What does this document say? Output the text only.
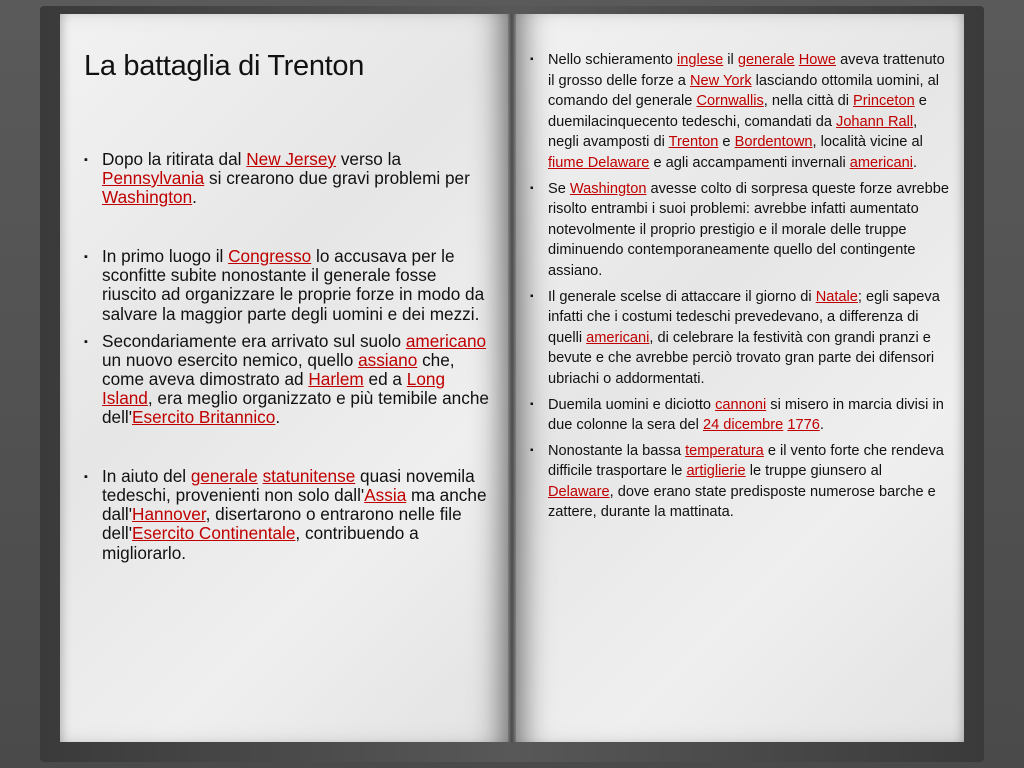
La battaglia di Trenton
▪ Dopo la ritirata dal New Jersey verso la Pennsylvania si crearono due gravi problemi per Washington.
▪ In primo luogo il Congresso lo accusava per le sconfitte subite nonostante il generale fosse riuscito ad organizzare le proprie forze in modo da salvare la maggior parte degli uomini e dei mezzi.
▪ Secondariamente era arrivato sul suolo americano un nuovo esercito nemico, quello assiano che, come aveva dimostrato ad Harlem ed a Long Island, era meglio organizzato e più temibile anche dell'Esercito Britannico.
▪ In aiuto del generale statunitense quasi novemila tedeschi, provenienti non solo dall'Assia ma anche dall'Hannover, disertarono o entrarono nelle file dell'Esercito Continentale, contribuendo a migliorarlo.
▪ Nello schieramento inglese il generale Howe aveva trattenuto il grosso delle forze a New York lasciando ottomila uomini, al comando del generale Cornwallis, nella città di Princeton e duemilacinquecento tedeschi, comandati da Johann Rall, negli avamposti di Trenton e Bordentown, località vicine al fiume Delaware e agli accampamenti invernali americani.
▪ Se Washington avesse colto di sorpresa queste forze avrebbe risolto entrambi i suoi problemi: avrebbe infatti aumentato notevolmente il proprio prestigio e il morale delle truppe diminuendo contemporaneamente quello del contingente assiano.
▪ Il generale scelse di attaccare il giorno di Natale; egli sapeva infatti che i costumi tedeschi prevedevano, a differenza di quelli americani, di celebrare la festività con grandi pranzi e bevute e che avrebbe perciò trovato gran parte dei difensori ubriachi o addormentati.
▪ Duemila uomini e diciotto cannoni si misero in marcia divisi in due colonne la sera del 24 dicembre 1776.
▪ Nonostante la bassa temperatura e il vento forte che rendeva difficile trasportare le artiglierie le truppe giunsero al Delaware, dove erano state predisposte numerose barche e zattere, durante la mattinata.
